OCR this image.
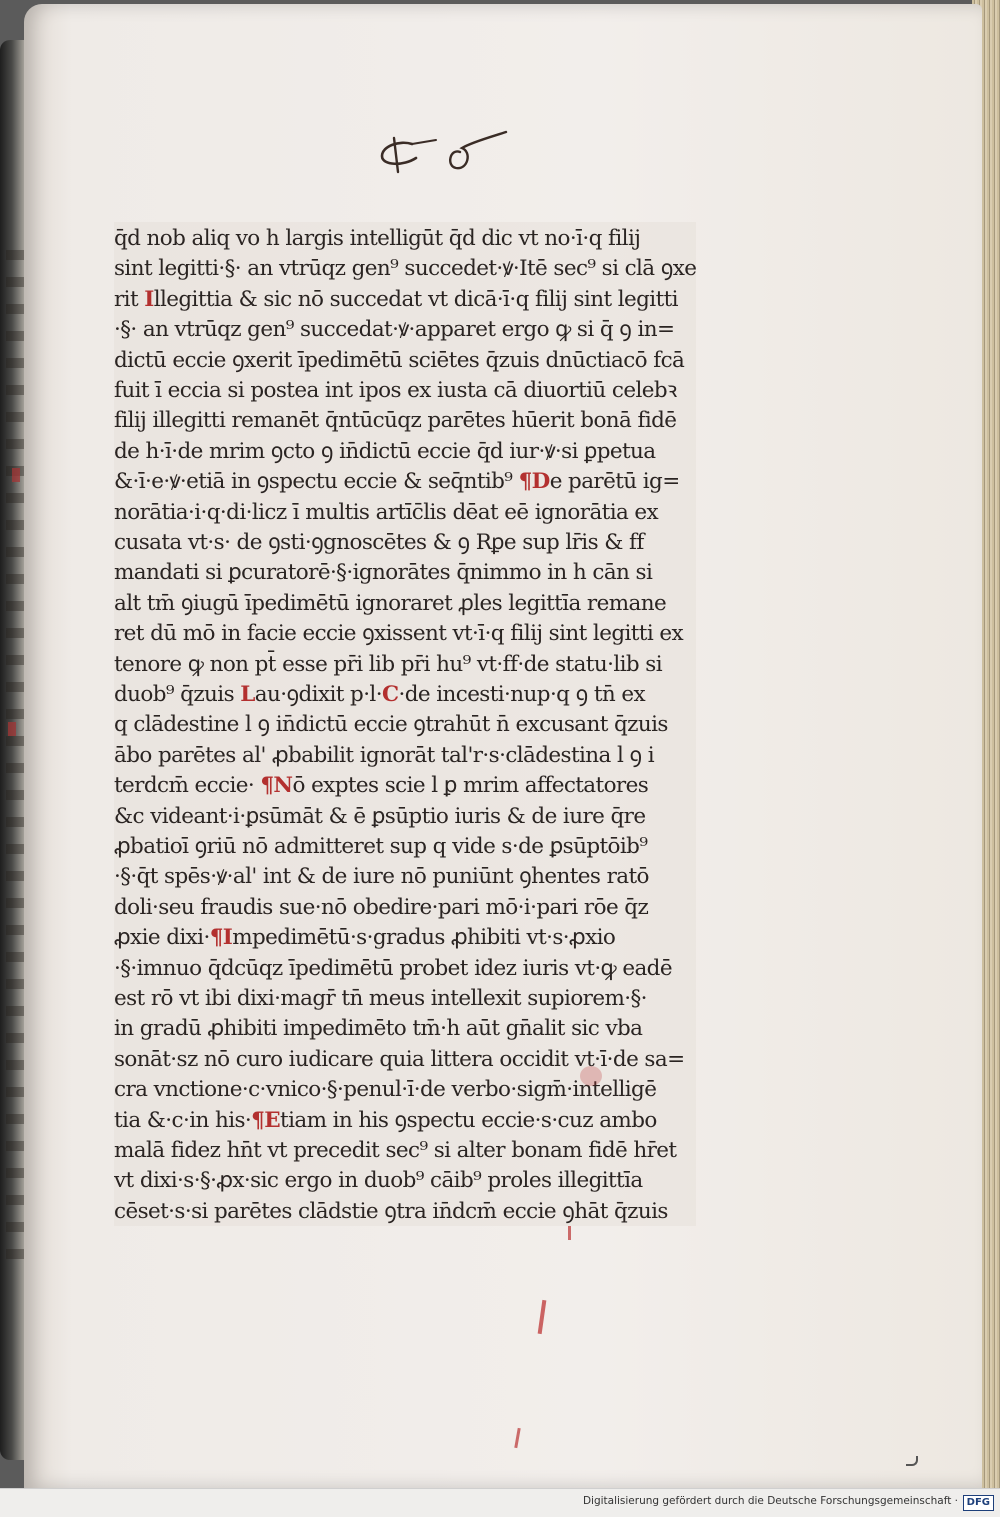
q̄d nob aliq vo h largis intelligūt q̄d dic vt no·ī·q filij
sint legitti·§· an vtrūqz gen⁹ succedet·ꝟ·Itē sec⁹ si clā ꝯxe
rit Illegittia & sic nō succedat vt dicā·ī·q filij sint legitti
·§· an vtrūqz gen⁹ succedat·ꝟ·apparet ergo ꝙ si q̄ ꝯ in=
dictū eccie ꝯxerit īpedimētū sciētes q̄zuis dnūctiacō fcā
fuit ī eccia si postea int ipos ex iusta cā diuortiū celebꝛ
filij illegitti remanēt q̄ntūcūqz parētes hūerit bonā fidē
de h·ī·de mrim ꝯcto ꝯ in̄dictū eccie q̄d iur·ꝟ·si ꝑpetua
&·ī·e·ꝟ·etiā in ꝯspectu eccie & seq̄ntib⁹ ¶De parētū ig=
norātia·i·q·di·licz ī multis artīc̄lis dēat eē ignorātia ex
cusata vt·s· de ꝯsti·ꝯgnoscētes & ꝯ Rꝑe sup lr̄is & ff
mandati si ꝑcuratorē·§·ignorātes q̄nimmo in h cān si
alt tm̄ ꝯiugū īpedimētū ignoraret ꝓles legittīa remane
ret dū mō in facie eccie ꝯxissent vt·ī·q filij sint legitti ex
tenore ꝙ non pt̄ esse pr̄i lib pr̄i hu⁹ vt·ff·de statu·lib si
duob⁹ q̄zuis Lau·ꝯdixit p·l·C·de incesti·nup·q ꝯ tn̄ ex
q clādestine l ꝯ in̄dictū eccie ꝯtrahūt n̄ excusant q̄zuis
ābo parētes al' ꝓbabilit ignorāt tal'r·s·clādestina l ꝯ i
terdcm̄ eccie· ¶Nō exptes scie l ꝑ mrim affectatores
&c videant·i·ꝑsūmāt & ē ꝑsūptio iuris & de iure q̄re
ꝓbatioī ꝯriū nō admitteret sup q vide s·de ꝑsūptōib⁹
·§·q̄t spēs·ꝟ·al' int & de iure nō puniūnt ꝯhentes ratō
doli·seu fraudis sue·nō obedire·pari mō·i·pari rōe q̄z
ꝓxie dixi·¶Impedimētū·s·gradus ꝓhibiti vt·s·ꝓxio
·§·imnuo q̄dcūqz īpedimētū probet idez iuris vt·ꝙ eadē
est rō vt ibi dixi·magr̄ tn̄ meus intellexit supiorem·§·
in gradū ꝓhibiti impedimēto tm̄·h aūt gn̄alit sic vba
sonāt·sz nō curo iudicare quia littera occidit vt·ī·de sa=
cra vnctione·c·vnico·§·penul·ī·de verbo·sigm̄·intelligē
tia &·c·in his·¶Etiam in his ꝯspectu eccie·s·cuz ambo
malā fidez hn̄t vt precedit sec⁹ si alter bonam fidē hr̄et
vt dixi·s·§·ꝓx·sic ergo in duob⁹ cāib⁹ proles illegittīa
cēset·s·si parētes clādstie ꝯtra in̄dcm̄ eccie ꝯhāt q̄zuis
Digitalisierung gefördert durch die Deutsche Forschungsgemeinschaft · DFG
